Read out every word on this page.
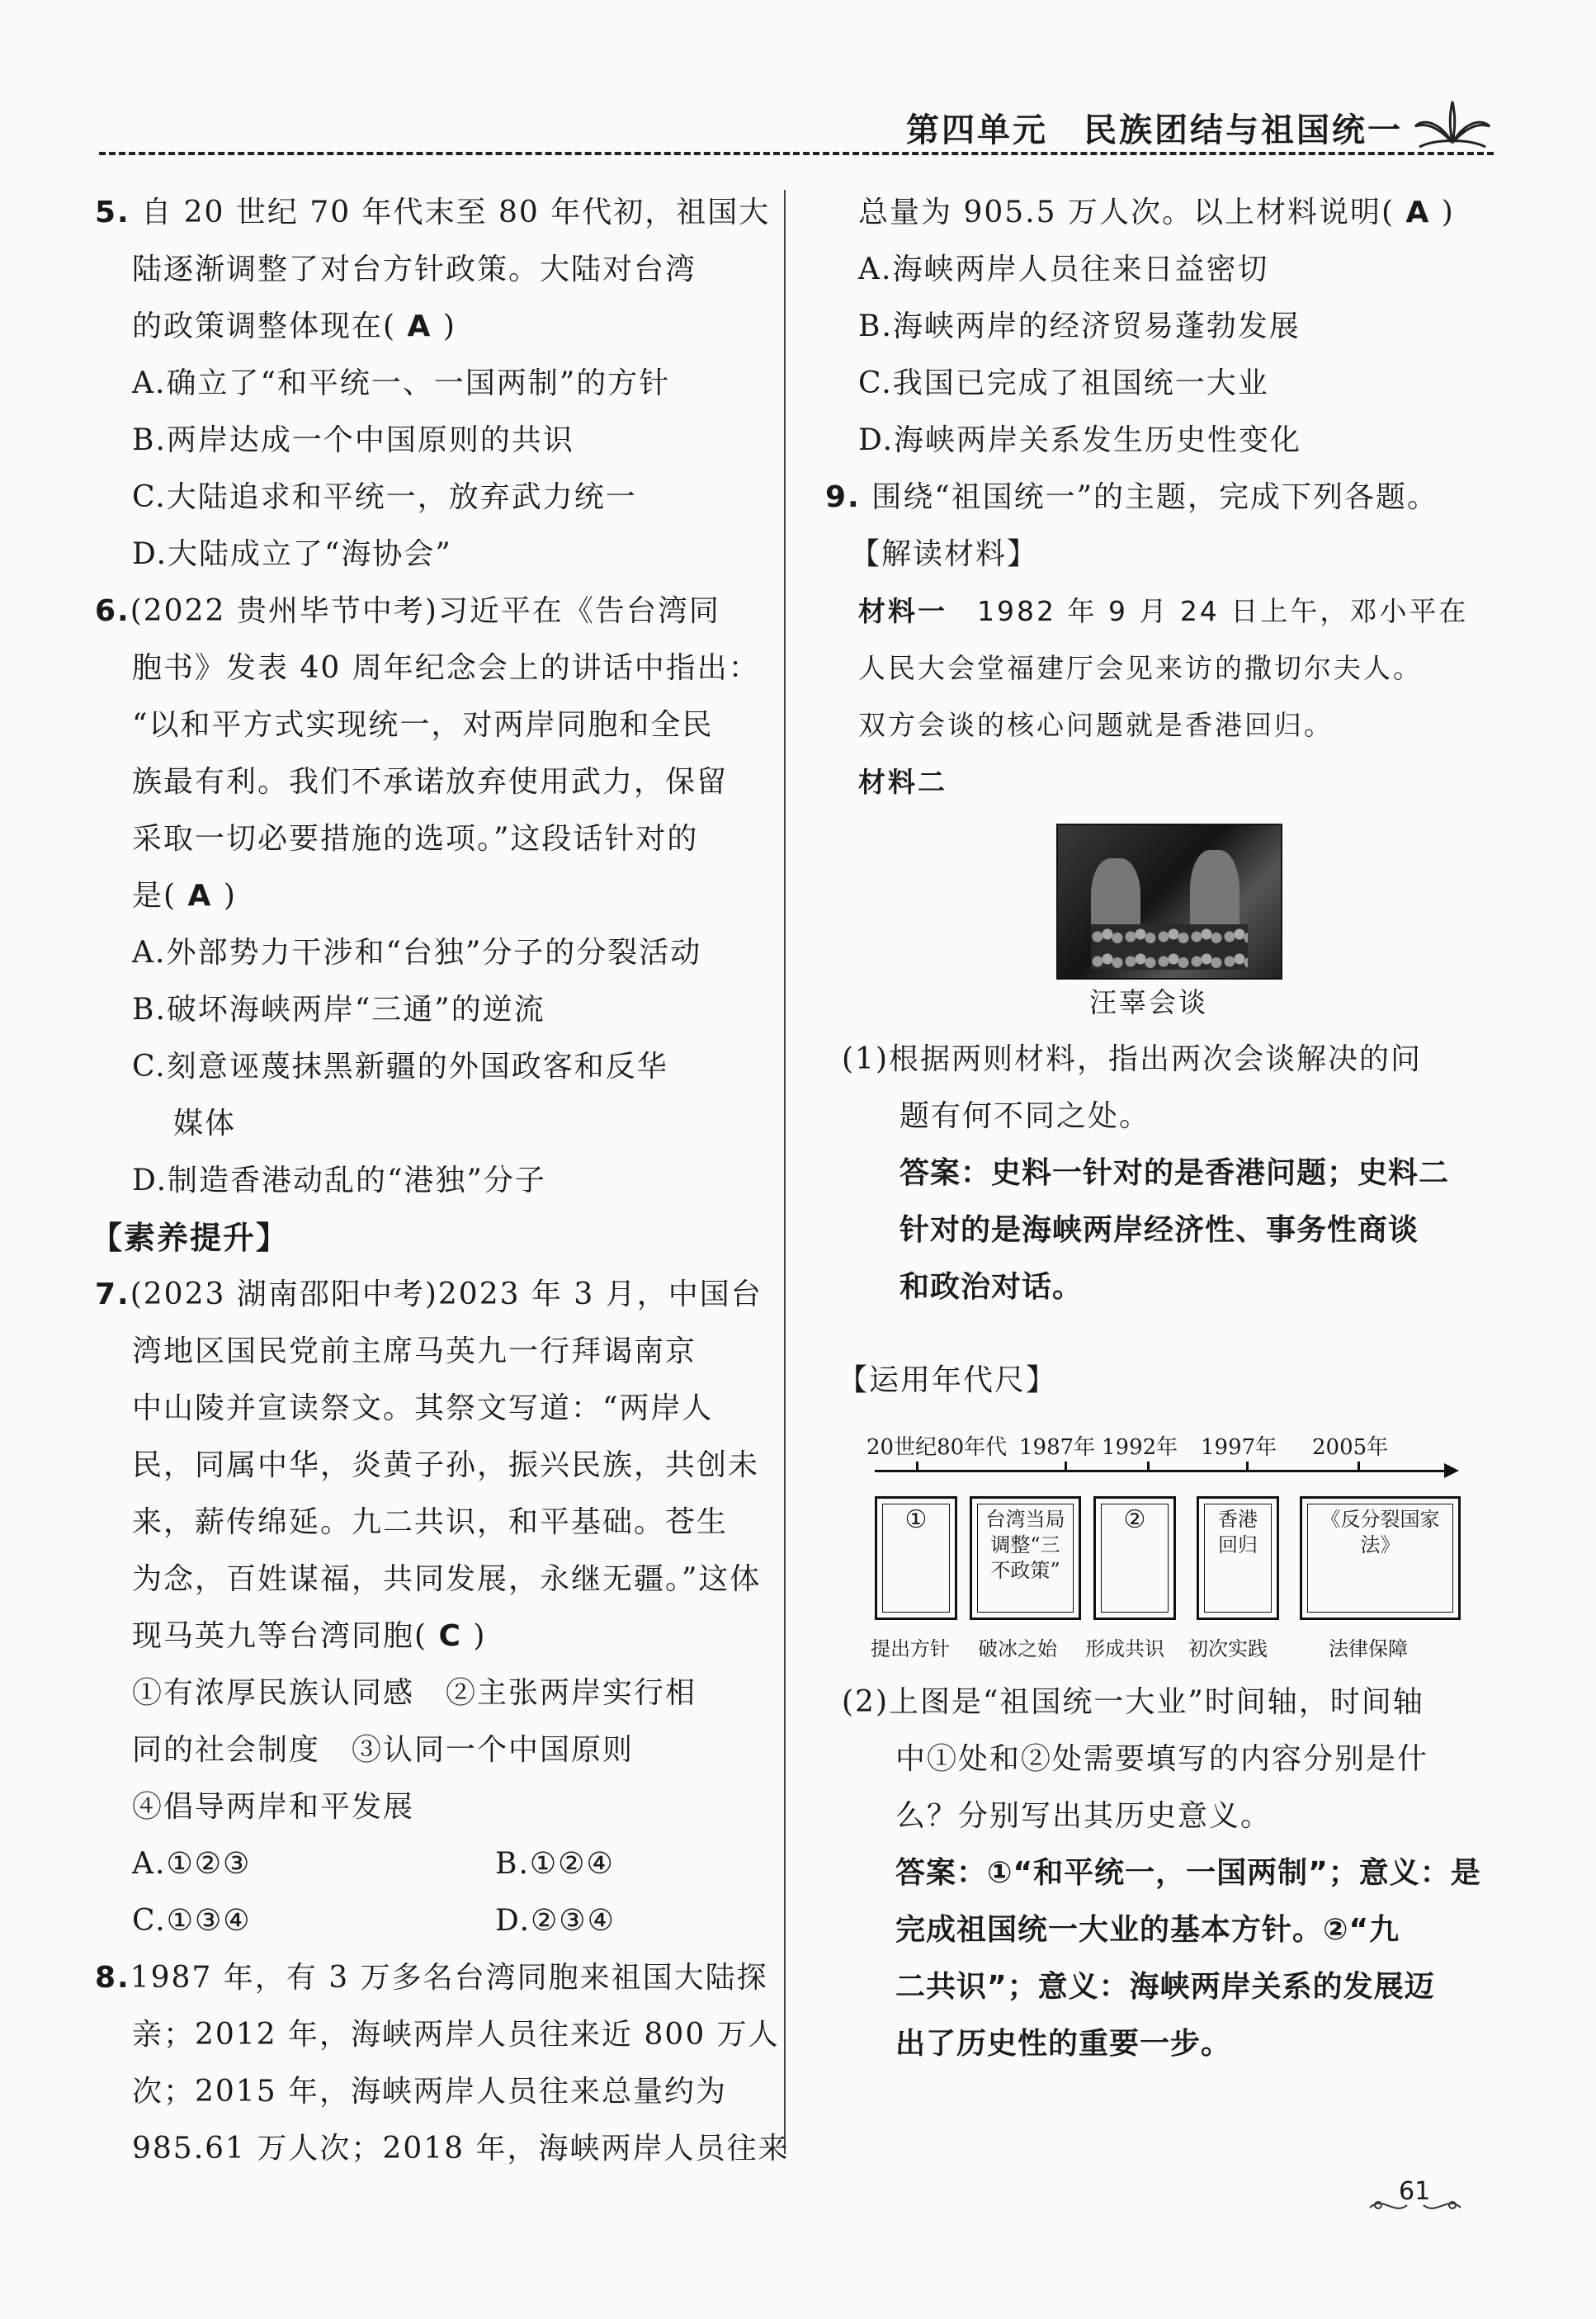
第四单元　民族团结与祖国统一
5. 自 20 世纪 70 年代末至 80 年代初，祖国大
陆逐渐调整了对台方针政策。大陆对台湾
的政策调整体现在( A )
A.确立了“和平统一、一国两制”的方针
B.两岸达成一个中国原则的共识
C.大陆追求和平统一，放弃武力统一
D.大陆成立了“海协会”
6.(2022 贵州毕节中考)习近平在《告台湾同
胞书》发表 40 周年纪念会上的讲话中指出：
“以和平方式实现统一，对两岸同胞和全民
族最有利。我们不承诺放弃使用武力，保留
采取一切必要措施的选项。”这段话针对的
是( A )
A.外部势力干涉和“台独”分子的分裂活动
B.破坏海峡两岸“三通”的逆流
C.刻意诬蔑抹黑新疆的外国政客和反华
媒体
D.制造香港动乱的“港独”分子
【素养提升】
7.(2023 湖南邵阳中考)2023 年 3 月，中国台
湾地区国民党前主席马英九一行拜谒南京
中山陵并宣读祭文。其祭文写道：“两岸人
民，同属中华，炎黄子孙，振兴民族，共创未
来，薪传绵延。九二共识，和平基础。苍生
为念，百姓谋福，共同发展，永继无疆。”这体
现马英九等台湾同胞( C )
①有浓厚民族认同感　②主张两岸实行相
同的社会制度　③认同一个中国原则
④倡导两岸和平发展
A.①②③	B.①②④
C.①③④	D.②③④
8.1987 年，有 3 万多名台湾同胞来祖国大陆探
亲；2012 年，海峡两岸人员往来近 800 万人
次；2015 年，海峡两岸人员往来总量约为
985.61 万人次；2018 年，海峡两岸人员往来
总量为 905.5 万人次。以上材料说明( A )
A.海峡两岸人员往来日益密切
B.海峡两岸的经济贸易蓬勃发展
C.我国已完成了祖国统一大业
D.海峡两岸关系发生历史性变化
9. 围绕“祖国统一”的主题，完成下列各题。
【解读材料】
材料一　 1982 年 9 月 24 日上午，邓小平在
人民大会堂福建厅会见来访的撒切尔夫人。
双方会谈的核心问题就是香港回归。
材料二
汪辜会谈
(1)根据两则材料，指出两次会谈解决的问
题有何不同之处。
答案：史料一针对的是香港问题；史料二
针对的是海峡两岸经济性、事务性商谈
和政治对话。
【运用年代尺】
20世纪80年代 1987年 1992年 1997年 2005年
①	台湾当局调整“三不政策”
②	香港回归
《反分裂国家法》
提出方针 破冰之始 形成共识 初次实践	法律保障
(2)上图是“祖国统一大业”时间轴，时间轴
中①处和②处需要填写的内容分别是什
么？分别写出其历史意义。
答案：①“和平统一，一国两制”；意义：是
完成祖国统一大业的基本方针。②“九
二共识”；意义：海峡两岸关系的发展迈
出了历史性的重要一步。
61
